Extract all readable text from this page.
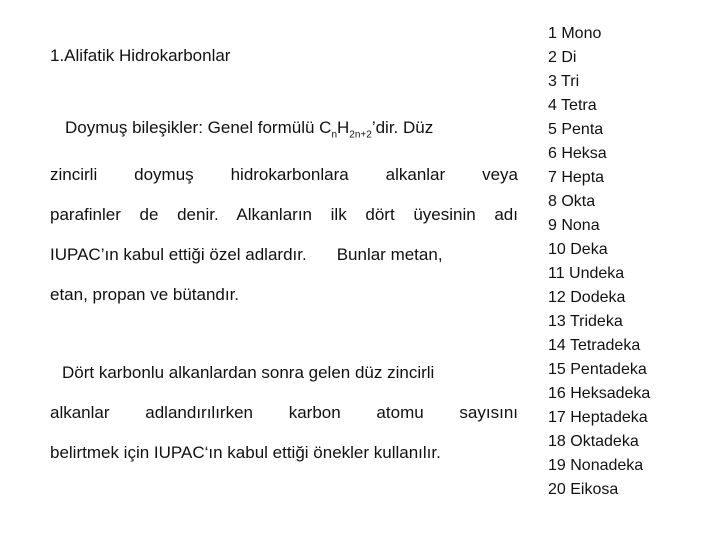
1.Alifatik Hidrokarbonlar
Doymuş bileşikler: Genel formülü $C_nH_{2n+2}’dir$. Düz
zincirli doymuş hidrokarbonlara alkanlar veya
parafinler de denir. Alkanların ilk dört üyesinin adı
IUPAC’ın kabul ettiği özel adlardır. Bunlar metan,
etan, propan ve bütandır.
Dört karbonlu alkanlardan sonra gelen düz zincirli
alkanlar adlandırılırken karbon atomu sayısını
belirtmek için IUPAC‘ın kabul ettiği önekler kullanılır.
1 Mono
2 Di
3 Tri
4 Tetra
5 Penta
6 Heksa
7 Hepta
8 Okta
9 Nona
10 Deka
11 Undeka
12 Dodeka
13 Trideka
14 Tetradeka
15 Pentadeka
16 Heksadeka
17 Heptadeka
18 Oktadeka
19 Nonadeka
20 Eikosa
